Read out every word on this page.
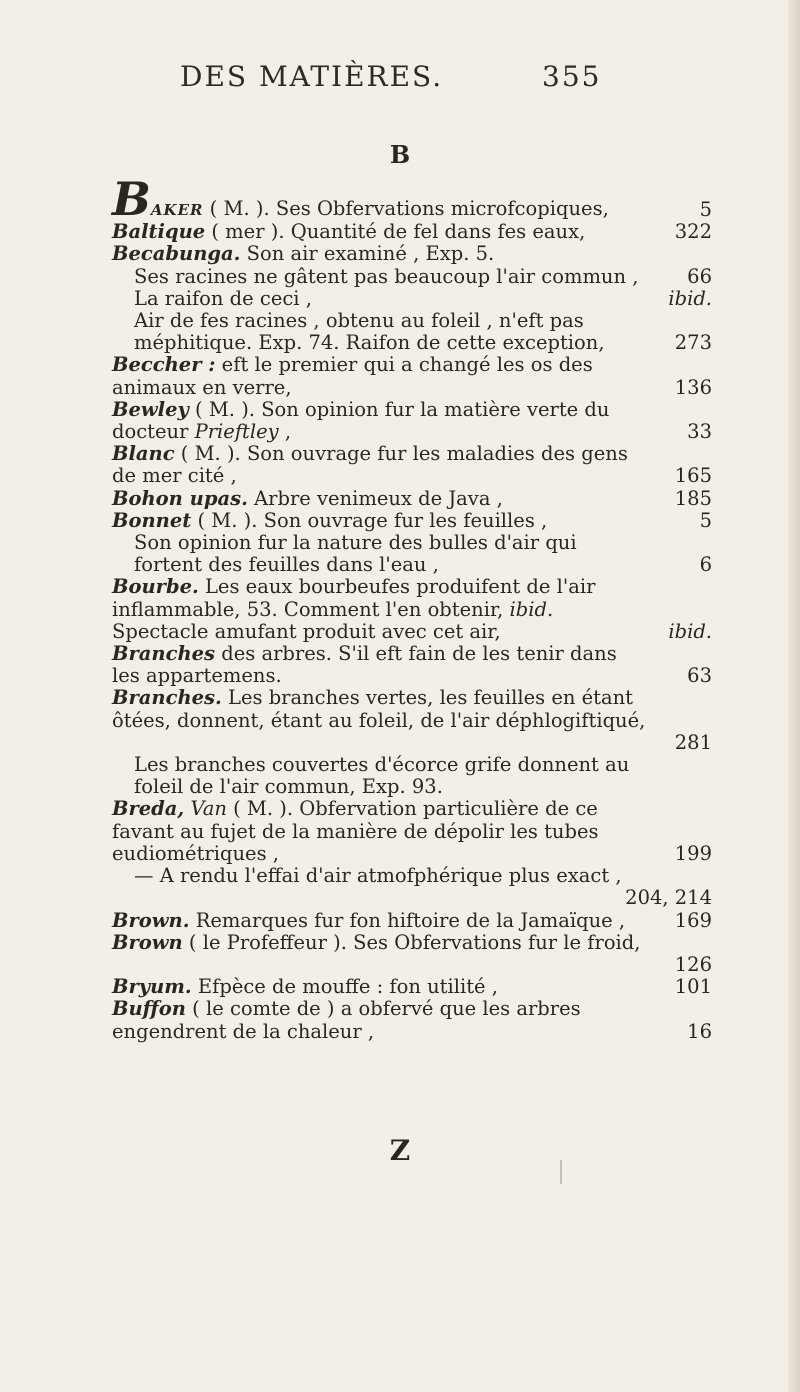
DES MATIÈRES.	355
B
BAKER ( M. ). Ses Obfervations microfcopiques,	5
Baltique ( mer ). Quantité de fel dans fes eaux,	322
Becabunga. Son air examiné , Exp. 5.
Ses racines ne gâtent pas beaucoup l'air commun , 66
La raifon de ceci ,	ibid.
Air de fes racines , obtenu au foleil , n'eft pas méphitique. Exp. 74. Raifon de cette exception,	273
Beccher : eft le premier qui a changé les os des animaux en verre,	136
Bewley ( M. ). Son opinion fur la matière verte du docteur Prieftley ,	33
Blanc ( M. ). Son ouvrage fur les maladies des gens de mer cité ,	165
Bohon upas. Arbre venimeux de Java ,	185
Bonnet ( M. ). Son ouvrage fur les feuilles ,	5
Son opinion fur la nature des bulles d'air qui fortent des feuilles dans l'eau ,	6
Bourbe. Les eaux bourbeufes produifent de l'air inflammable, 53. Comment l'en obtenir, ibid. Spectacle amufant produit avec cet air,	ibid.
Branches des arbres. S'il eft fain de les tenir dans les appartemens.	63
Branches. Les branches vertes, les feuilles en étant ôtées, donnent, étant au foleil, de l'air déphlogiftiqué,
281
Les branches couvertes d'écorce grife donnent au foleil de l'air commun, Exp. 93.
Breda, Van ( M. ). Obfervation particulière de ce favant au fujet de la manière de dépolir les tubes eudiométriques ,	199
— A rendu l'effai d'air atmofphérique plus exact ,
204, 214
Brown. Remarques fur fon hiftoire de la Jamaïque ,	169
Brown ( le Profeffeur ). Ses Obfervations fur le froid,
126
Bryum. Efpèce de mouffe : fon utilité ,	101
Buffon ( le comte de ) a obfervé que les arbres engendrent de la chaleur ,	16
Z
